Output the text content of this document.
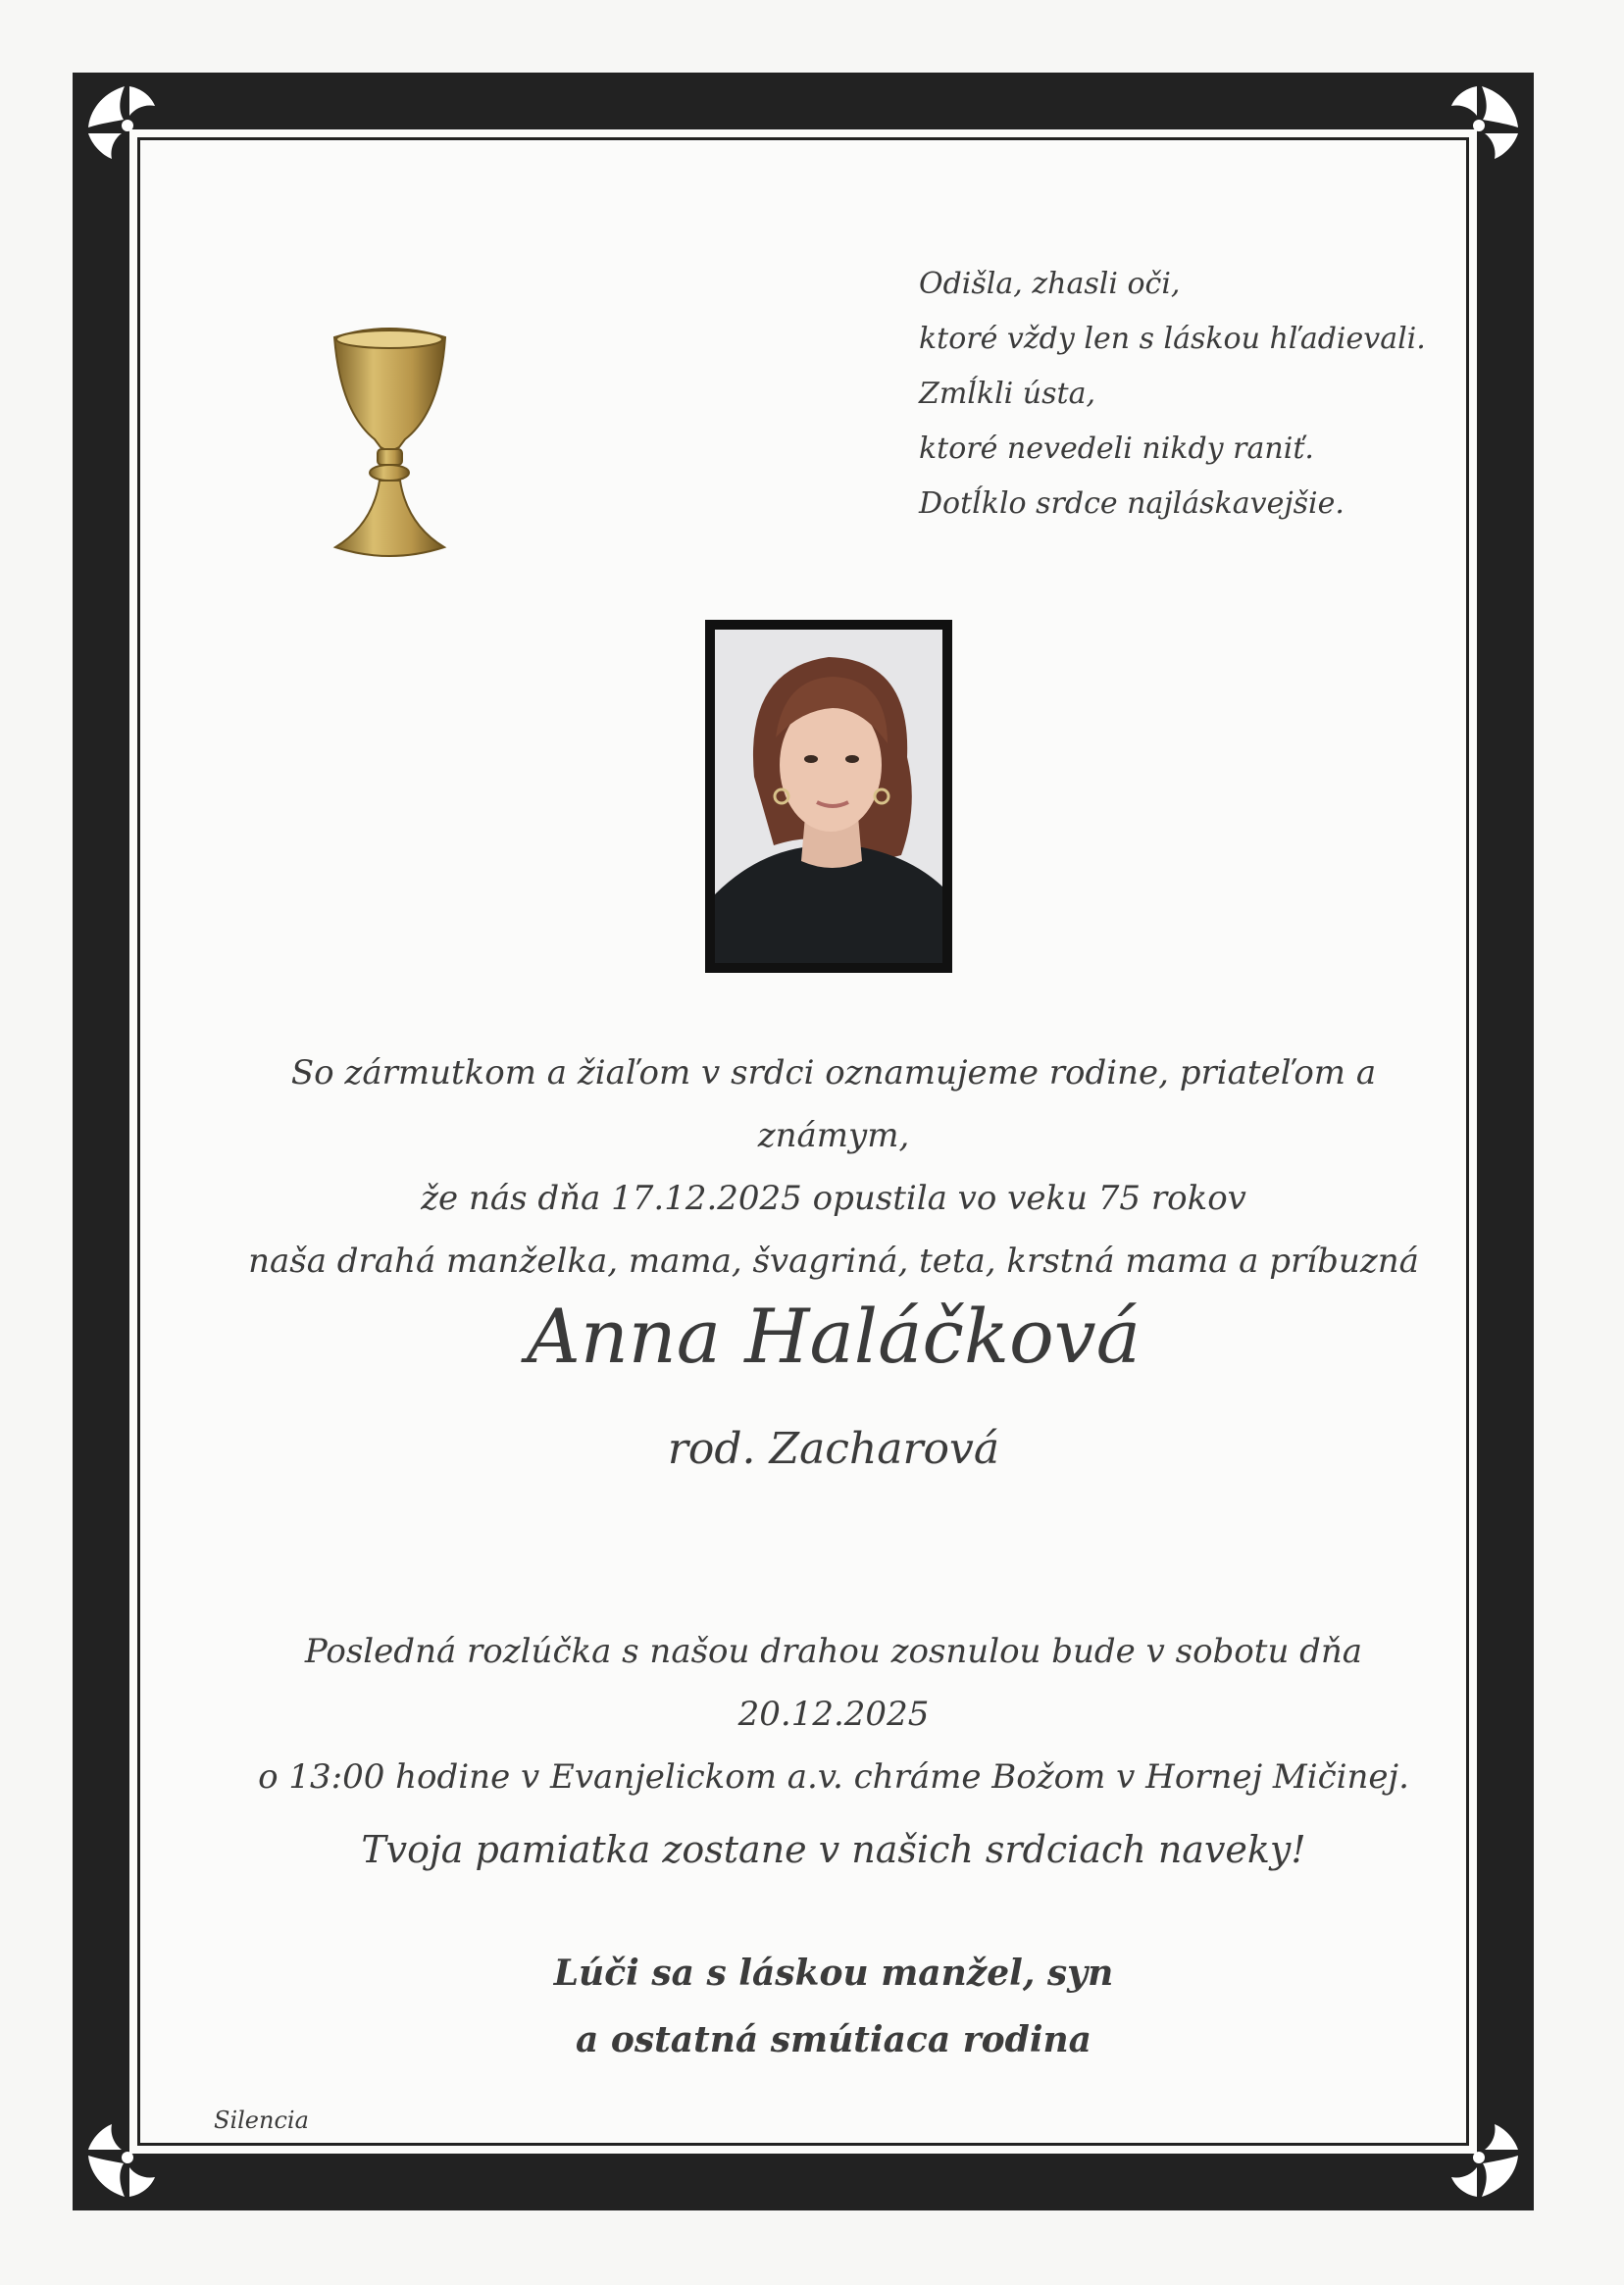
Odišla, zhasli oči,
ktoré vždy len s láskou hľadievali.
Zmĺkli ústa,
ktoré nevedeli nikdy raniť.
Dotĺklo srdce najláskavejšie.
So zármutkom a žiaľom v srdci oznamujeme rodine, priateľom a známym,
že nás dňa 17.12.2025 opustila vo veku 75 rokov
naša drahá manželka, mama, švagriná, teta, krstná mama a príbuzná
Anna Haláčková
rod. Zacharová
Posledná rozlúčka s našou drahou zosnulou bude v sobotu dňa 20.12.2025
o 13:00 hodine v Evanjelickom a.v. chráme Božom v Hornej Mičinej.
Tvoja pamiatka zostane v našich srdciach naveky!
Lúči sa s láskou manžel, syn
a ostatná smútiaca rodina
Silencia
